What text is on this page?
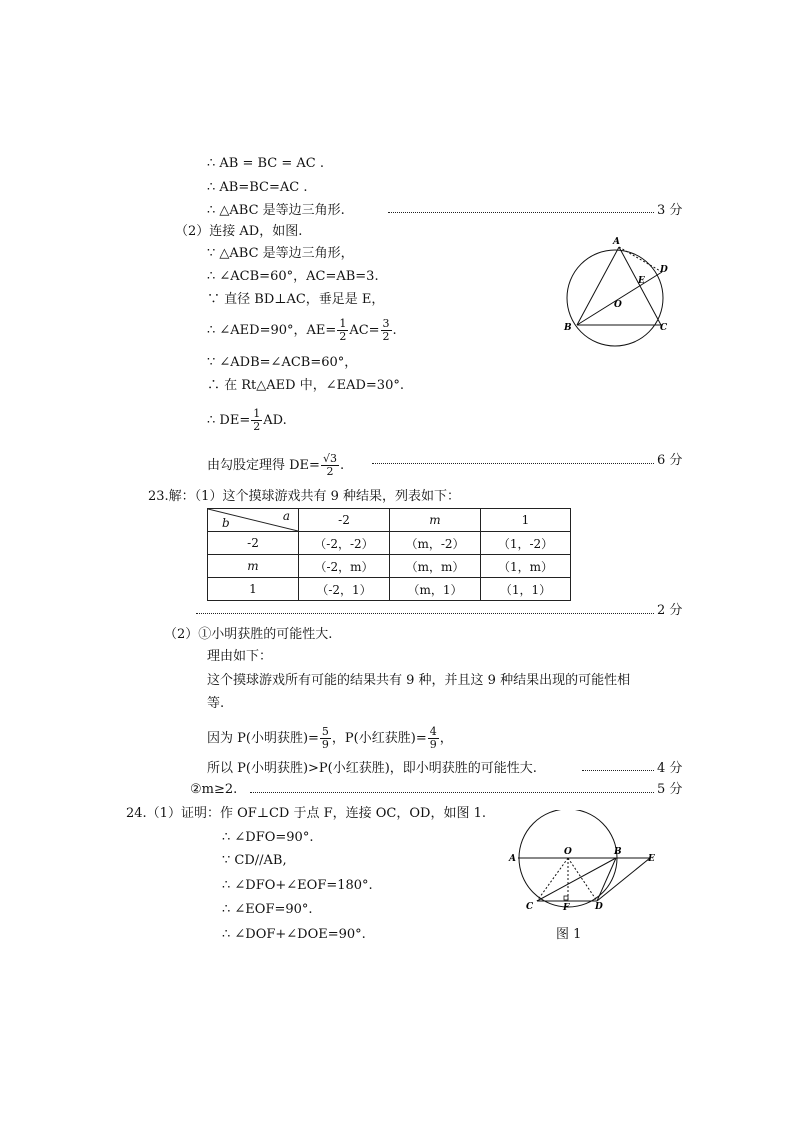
∴ AB = BC = AC .
∴ AB=BC=AC .
∴ △ABC 是等边三角形.	3 分
（2）连接 AD，如图.
∵ △ABC 是等边三角形，
∴ ∠ACB=60°，AC=AB=3.
∵ 直径 BD⊥AC，垂足是 E，
∴ ∠AED=90°，$AE= \frac{1}{2} AC= \frac{3}{2}$ .
∵ ∠ADB=∠ACB=60°，
∴ 在 Rt△AED 中，∠EAD=30°.
∴ $DE= \frac{1}{2}$ AD.
由勾股定理得 $DE= \frac{√3}{2}$ .	6 分
A
B	C
D
E
O
23.解：（1）这个摸球游戏共有 9 种结果，列表如下：
a
b	-2	m	1
-2	（-2，-2）	（m，-2）	（1，-2）
m	（-2，m）	（m，m）	（1，m）
1	（-2，1）	（m，1）	（1，1）
2 分
（2）①小明获胜的可能性大.
理由如下：
这个摸球游戏所有可能的结果共有 9 种，并且这 9 种结果出现的可能性相
等.
因为 P(小明获胜)= $\frac{5}{9}$ ，P(小红获胜)= $\frac{4}{9}$ ，
所以 P(小明获胜)>P(小红获胜)，即小明获胜的可能性大.	4 分
②m≥2.	5 分
24.（1）证明：作 OF⊥CD 于点 F，连接 OC，OD，如图 1.
∴ ∠DFO=90°.
∵ CD//AB,
∴ ∠DFO+∠EOF=180°.
∴ ∠EOF=90°.
∴ ∠DOF+∠DOE=90°.
A
O	B
E
C	F	D
图 1
